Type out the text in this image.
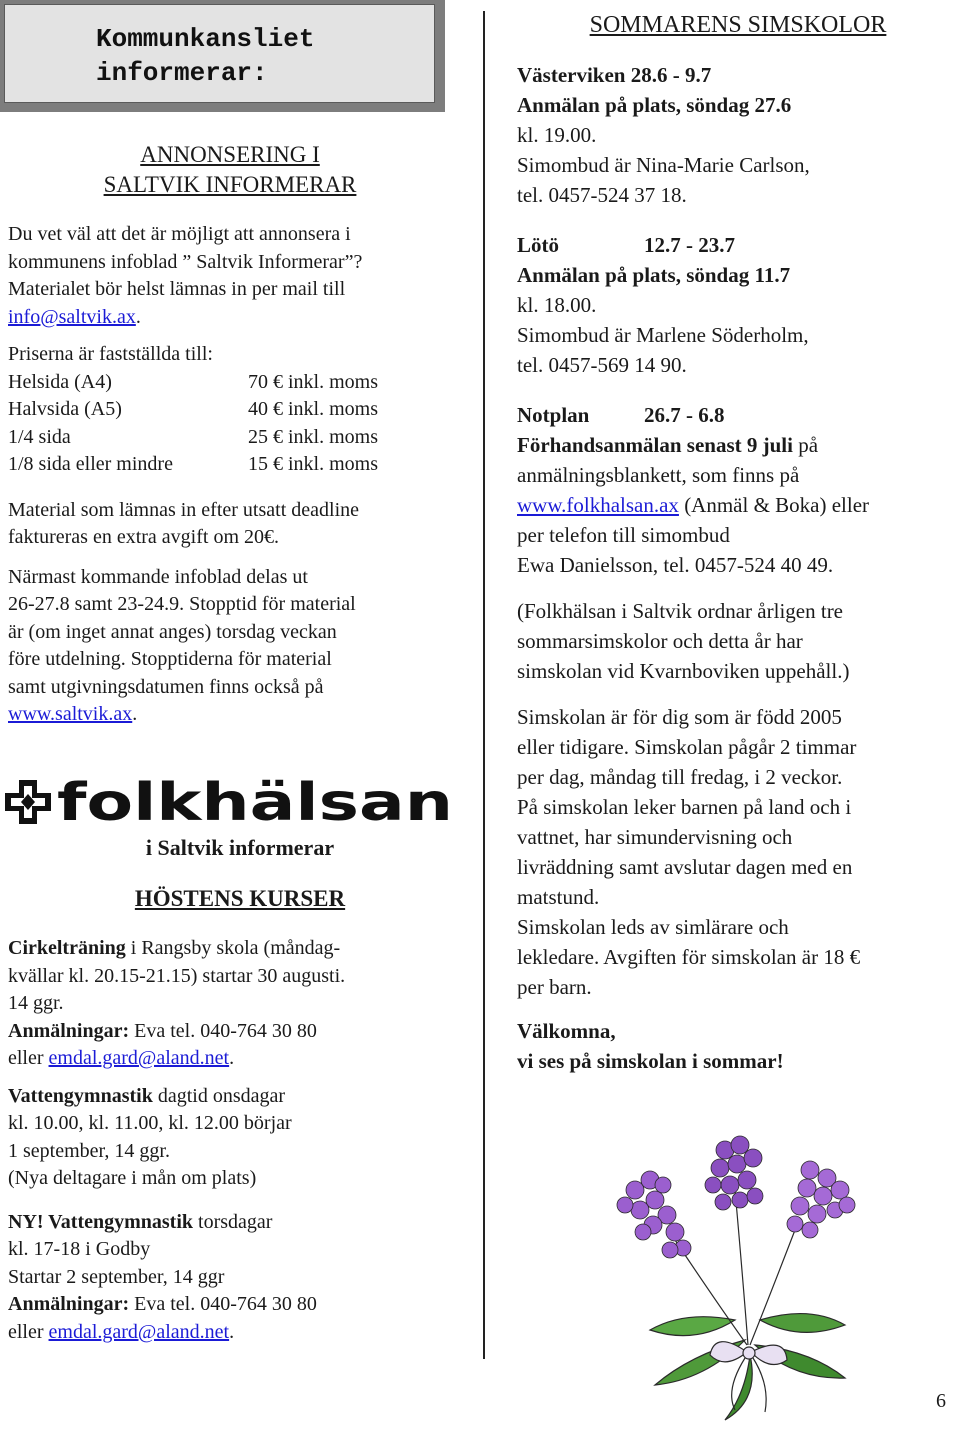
Kommunkansliet
informerar:
ANNONSERING I
SALTVIK INFORMERAR

Du vet väl att det är möjligt att annonsera i

kommunens infoblad ” Saltvik Informerar”?

Materialet bör helst lämnas in per mail till

info@saltvik.ax.

Priserna är fastställda till:

Helsida (A4)	70 € inkl. moms
Halvsida (A5)	40 € inkl. moms
1/4 sida	25 € inkl. moms
1/8 sida eller mindre	15 € inkl. moms

Material som lämnas in efter utsatt deadline

faktureras en extra avgift om 20€.

Närmast kommande infoblad delas ut

26-27.8 samt 23-24.9. Stopptid för material

är (om inget annat anges) torsdag veckan

före utdelning. Stopptiderna för material

samt utgivningsdatumen finns också på

www.saltvik.ax.

folkhälsan
i Saltvik informerar
HÖSTENS KURSER

Cirkelträning i Rangsby skola (måndag-

kvällar kl. 20.15-21.15) startar 30 augusti.

14 ggr.

Anmälningar: Eva tel. 040-764 30 80

eller emdal.gard@aland.net.

Vattengymnastik dagtid onsdagar

kl. 10.00, kl. 11.00, kl. 12.00 börjar

1 september, 14 ggr.

(Nya deltagare i mån om plats)

NY! Vattengymnastik torsdagar

kl. 17-18 i Godby

Startar 2 september, 14 ggr

Anmälningar: Eva tel. 040-764 30 80

eller emdal.gard@aland.net.

SOMMARENS SIMSKOLOR

Västerviken 28.6 - 9.7

Anmälan på plats, söndag 27.6

kl. 19.00.

Simombud är Nina-Marie Carlson,

tel. 0457-524 37 18.

Lötö	12.7 - 23.7

Anmälan på plats, söndag 11.7

kl. 18.00.

Simombud är Marlene Söderholm,

tel. 0457-569 14 90.

Notplan	26.7 - 6.8

Förhandsanmälan senast 9 juli på

anmälningsblankett, som finns på

www.folkhalsan.ax (Anmäl & Boka) eller

per telefon till simombud

Ewa Danielsson, tel. 0457-524 40 49.

(Folkhälsan i Saltvik ordnar årligen tre

sommarsimskolor och detta år har

simskolan vid Kvarnboviken uppehåll.)

Simskolan är för dig som är född 2005

eller tidigare. Simskolan pågår 2 timmar

per dag, måndag till fredag, i 2 veckor.

På simskolan leker barnen på land och i

vattnet, har simundervisning och

livräddning samt avslutar dagen med en

matstund.

Simskolan leds av simlärare och

lekledare. Avgiften för simskolan är 18 €

per barn.

Välkomna,

vi ses på simskolan i sommar!

6
